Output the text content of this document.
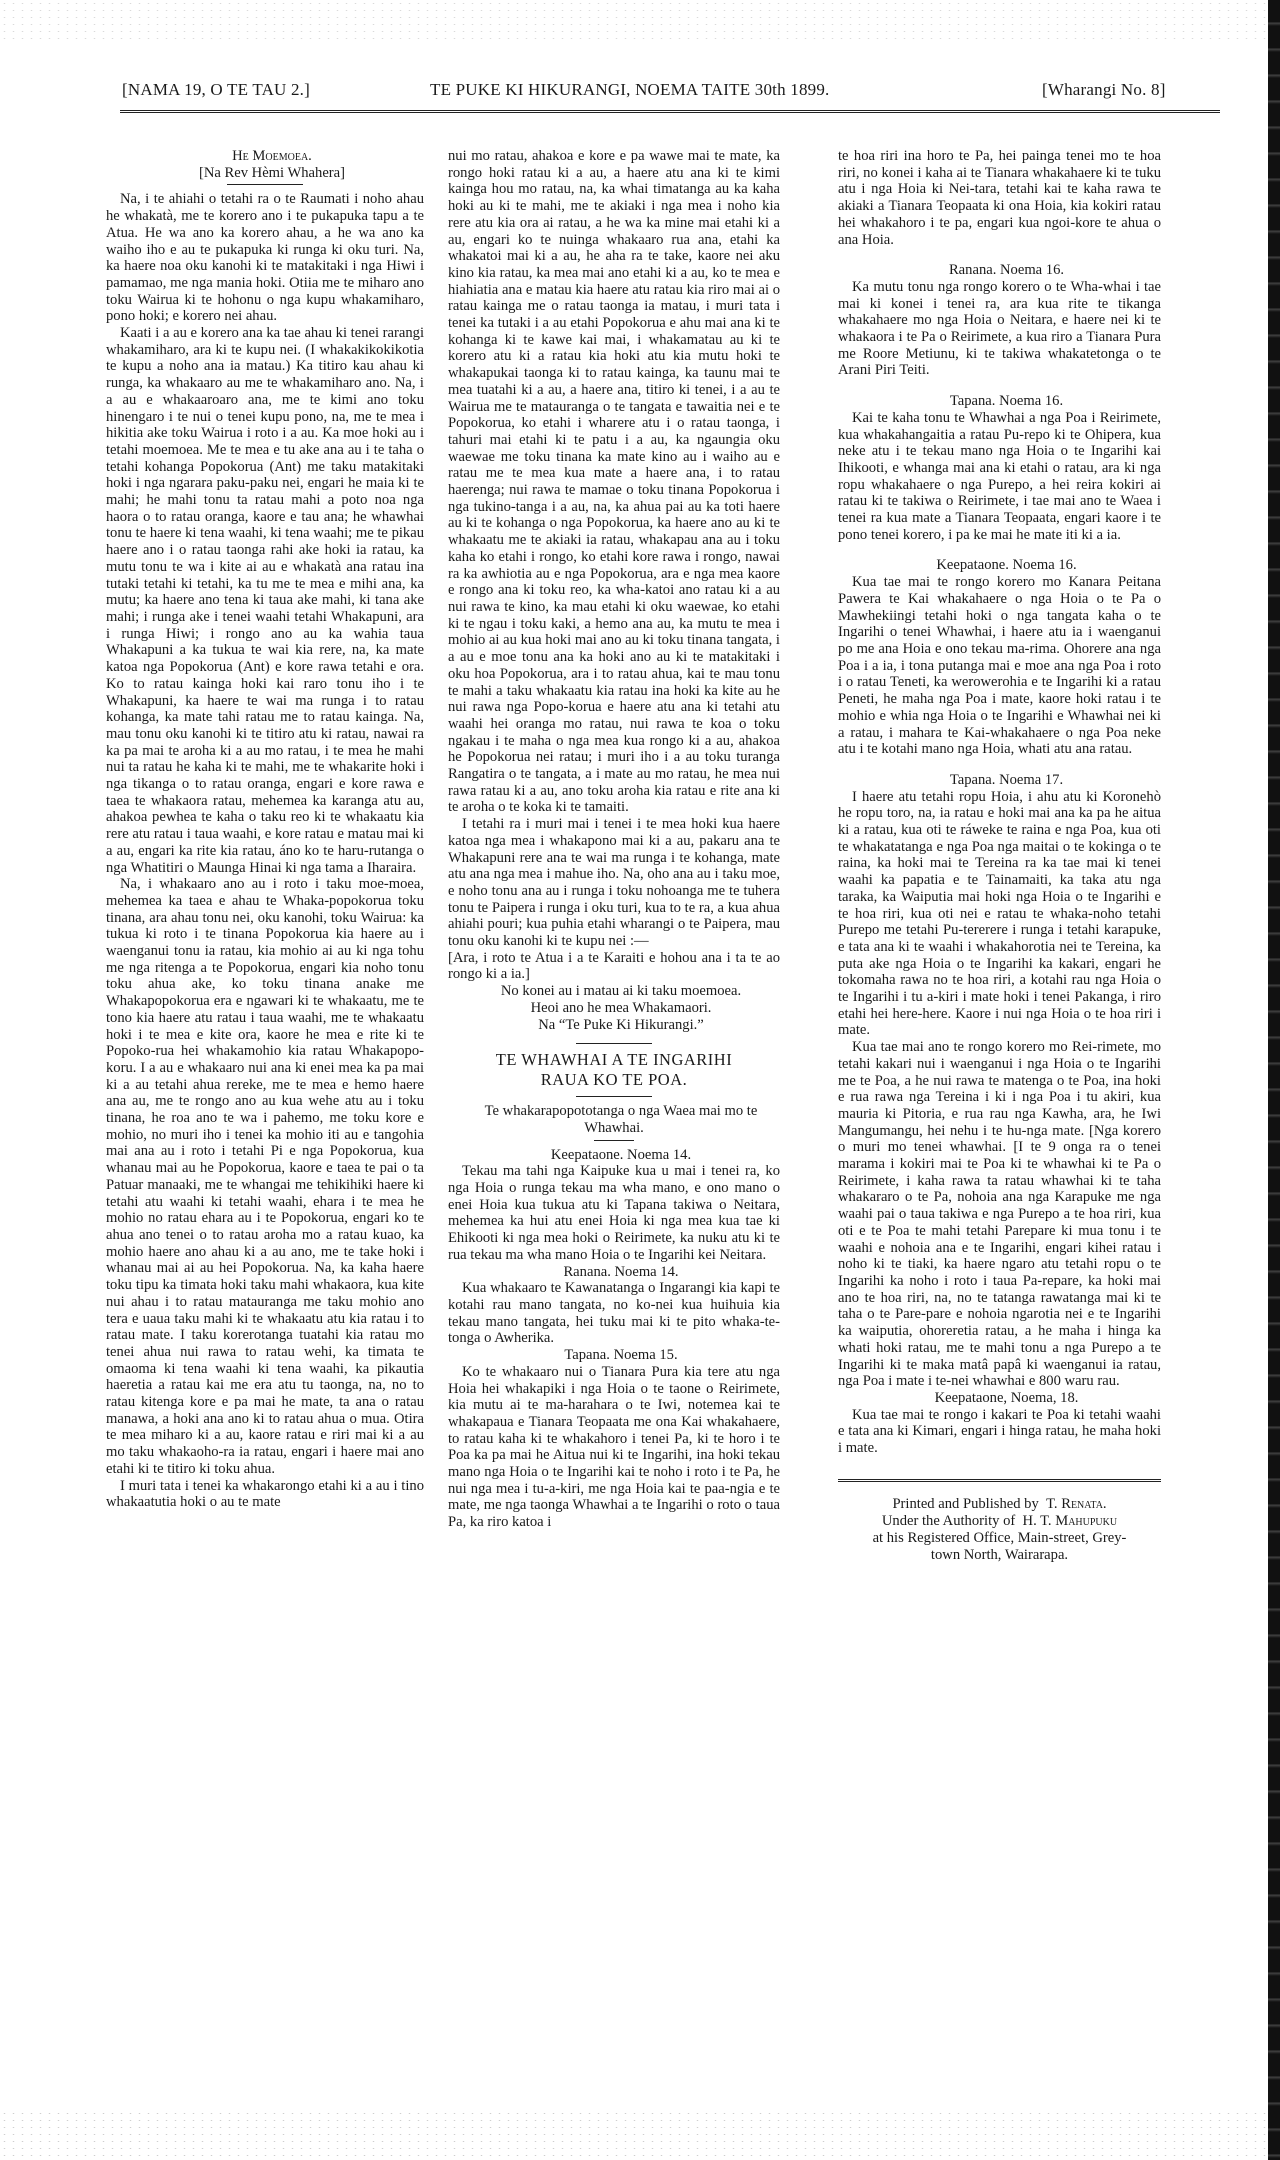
[NAMA 19, O TE TAU 2.]	TE PUKE KI HIKURANGI, NOEMA TAITE 30th 1899.	[Wharangi No. 8]

He Moemoea.

[Na Rev Hèmi Whahera]

Na, i te ahiahi o tetahi ra o te Raumati i noho ahau he whakatà, me te korero ano i te pukapuka tapu a te Atua. He wa ano ka korero ahau, a he wa ano ka waiho iho e au te pukapuka ki runga ki oku turi. Na, ka haere noa oku kanohi ki te matakitaki i nga Hiwi i pamamao, me nga mania hoki. Otiia me te miharo ano toku Wairua ki te hohonu o nga kupu whakamiharo, pono hoki; e korero nei ahau.

Kaati i a au e korero ana ka tae ahau ki tenei rarangi whakamiharo, ara ki te kupu nei. (I whakakikokikotia te kupu a noho ana ia matau.) Ka titiro kau ahau ki runga, ka whakaaro au me te whakamiharo ano. Na, i a au e whakaaroaro ana, me te kimi ano toku hinengaro i te nui o tenei kupu pono, na, me te mea i hikitia ake toku Wairua i roto i a au. Ka moe hoki au i tetahi moemoea. Me te mea e tu ake ana au i te taha o tetahi kohanga Popokorua (Ant) me taku matakitaki hoki i nga ngarara paku-paku nei, engari he maia ki te mahi; he mahi tonu ta ratau mahi a poto noa nga haora o to ratau oranga, kaore e tau ana; he whawhai tonu te haere ki tena waahi, ki tena waahi; me te pikau haere ano i o ratau taonga rahi ake hoki ia ratau, ka mutu tonu te wa i kite ai au e whakatà ana ratau ina tutaki tetahi ki tetahi, ka tu me te mea e mihi ana, ka mutu; ka haere ano tena ki taua ake mahi, ki tana ake mahi; i runga ake i tenei waahi tetahi Whakapuni, ara i runga Hiwi; i rongo ano au ka wahia taua Whakapuni a ka tukua te wai kia rere, na, ka mate katoa nga Popokorua (Ant) e kore rawa tetahi e ora. Ko to ratau kainga hoki kai raro tonu iho i te Whakapuni, ka haere te wai ma runga i to ratau kohanga, ka mate tahi ratau me to ratau kainga. Na, mau tonu oku kanohi ki te titiro atu ki ratau, nawai ra ka pa mai te aroha ki a au mo ratau, i te mea he mahi nui ta ratau he kaha ki te mahi, me te whakarite hoki i nga tikanga o to ratau oranga, engari e kore rawa e taea te whakaora ratau, mehemea ka karanga atu au, ahakoa pewhea te kaha o taku reo ki te whakaatu kia rere atu ratau i taua waahi, e kore ratau e matau mai ki a au, engari ka rite kia ratau, áno ko te haru-rutanga o nga Whatitiri o Maunga Hinai ki nga tama a Iharaira.

Na, i whakaaro ano au i roto i taku moe-moea, mehemea ka taea e ahau te Whaka-popokorua toku tinana, ara ahau tonu nei, oku kanohi, toku Wairua: ka tukua ki roto i te tinana Popokorua kia haere au i waenganui tonu ia ratau, kia mohio ai au ki nga tohu me nga ritenga a te Popokorua, engari kia noho tonu toku ahua ake, ko toku tinana anake me Whakapopokorua era e ngawari ki te whakaatu, me te tono kia haere atu ratau i taua waahi, me te whakaatu hoki i te mea e kite ora, kaore he mea e rite ki te Popoko-rua hei whakamohio kia ratau Whakapopo-koru. I a au e whakaaro nui ana ki enei mea ka pa mai ki a au tetahi ahua rereke, me te mea e hemo haere ana au, me te rongo ano au kua wehe atu au i toku tinana, he roa ano te wa i pahemo, me toku kore e mohio, no muri iho i tenei ka mohio iti au e tangohia mai ana au i roto i tetahi Pi e nga Popokorua, kua whanau mai au he Popokorua, kaore e taea te pai o ta Patuar manaaki, me te whangai me tehikihiki haere ki tetahi atu waahi ki tetahi waahi, ehara i te mea he mohio no ratau ehara au i te Popokorua, engari ko te ahua ano tenei o to ratau aroha mo a ratau kuao, ka mohio haere ano ahau ki a au ano, me te take hoki i whanau mai ai au hei Popokorua. Na, ka kaha haere toku tipu ka timata hoki taku mahi whakaora, kua kite nui ahau i to ratau matauranga me taku mohio ano tera e uaua taku mahi ki te whakaatu atu kia ratau i to ratau mate. I taku korerotanga tuatahi kia ratau mo tenei ahua nui rawa to ratau wehi, ka timata te omaoma ki tena waahi ki tena waahi, ka pikautia haeretia a ratau kai me era atu tu taonga, na, no to ratau kitenga kore e pa mai he mate, ta ana o ratau manawa, a hoki ana ano ki to ratau ahua o mua. Otira te mea miharo ki a au, kaore ratau e riri mai ki a au mo taku whakaoho-ra ia ratau, engari i haere mai ano etahi ki te titiro ki toku ahua.

I muri tata i tenei ka whakarongo etahi ki a au i tino whakaatutia hoki o au te mate

nui mo ratau, ahakoa e kore e pa wawe mai te mate, ka rongo hoki ratau ki a au, a haere atu ana ki te kimi kainga hou mo ratau, na, ka whai timatanga au ka kaha hoki au ki te mahi, me te akiaki i nga mea i noho kia rere atu kia ora ai ratau, a he wa ka mine mai etahi ki a au, engari ko te nuinga whakaaro rua ana, etahi ka whakatoi mai ki a au, he aha ra te take, kaore nei aku kino kia ratau, ka mea mai ano etahi ki a au, ko te mea e hiahiatia ana e matau kia haere atu ratau kia riro mai ai o ratau kainga me o ratau taonga ia matau, i muri tata i tenei ka tutaki i a au etahi Popokorua e ahu mai ana ki te kohanga ki te kawe kai mai, i whakamatau au ki te korero atu ki a ratau kia hoki atu kia mutu hoki te whakapukai taonga ki to ratau kainga, ka taunu mai te mea tuatahi ki a au, a haere ana, titiro ki tenei, i a au te Wairua me te matauranga o te tangata e tawaitia nei e te Popokorua, ko etahi i wharere atu i o ratau taonga, i tahuri mai etahi ki te patu i a au, ka ngaungia oku waewae me toku tinana ka mate kino au i waiho au e ratau me te mea kua mate a haere ana, i to ratau haerenga; nui rawa te mamae o toku tinana Popokorua i nga tukino-tanga i a au, na, ka ahua pai au ka toti haere au ki te kohanga o nga Popokorua, ka haere ano au ki te whakaatu me te akiaki ia ratau, whakapau ana au i toku kaha ko etahi i rongo, ko etahi kore rawa i rongo, nawai ra ka awhiotia au e nga Popokorua, ara e nga mea kaore e rongo ana ki toku reo, ka wha-katoi ano ratau ki a au nui rawa te kino, ka mau etahi ki oku waewae, ko etahi ki te ngau i toku kaki, a hemo ana au, ka mutu te mea i mohio ai au kua hoki mai ano au ki toku tinana tangata, i a au e moe tonu ana ka hoki ano au ki te matakitaki i oku hoa Popokorua, ara i to ratau ahua, kai te mau tonu te mahi a taku whakaatu kia ratau ina hoki ka kite au he nui rawa nga Popo-korua e haere atu ana ki tetahi atu waahi hei oranga mo ratau, nui rawa te koa o toku ngakau i te maha o nga mea kua rongo ki a au, ahakoa he Popokorua nei ratau; i muri iho i a au toku turanga Rangatira o te tangata, a i mate au mo ratau, he mea nui rawa ratau ki a au, ano toku aroha kia ratau e rite ana ki te aroha o te koka ki te tamaiti.

I tetahi ra i muri mai i tenei i te mea hoki kua haere katoa nga mea i whakapono mai ki a au, pakaru ana te Whakapuni rere ana te wai ma runga i te kohanga, mate atu ana nga mea i mahue iho. Na, oho ana au i taku moe, e noho tonu ana au i runga i toku nohoanga me te tuhera tonu te Paipera i runga i oku turi, kua to te ra, a kua ahua ahiahi pouri; kua puhia etahi wharangi o te Paipera, mau tonu oku kanohi ki te kupu nei :—

[Ara, i roto te Atua i a te Karaiti e hohou ana i ta te ao rongo ki a ia.]

No konei au i matau ai ki taku moemoea.

Heoi ano he mea Whakamaori.

Na “Te Puke Ki Hikurangi.”

TE WHAWHAI A TE INGARIHI
RAUA KO TE POA.

Te whakarapopototanga o nga Waea mai mo te Whawhai.

Keepataone. Noema 14.

Tekau ma tahi nga Kaipuke kua u mai i tenei ra, ko nga Hoia o runga tekau ma wha mano, e ono mano o enei Hoia kua tukua atu ki Tapana takiwa o Neitara, mehemea ka hui atu enei Hoia ki nga mea kua tae ki Ehikooti ki nga mea hoki o Reirimete, ka nuku atu ki te rua tekau ma wha mano Hoia o te Ingarihi kei Neitara.

Ranana. Noema 14.

Kua whakaaro te Kawanatanga o Ingarangi kia kapi te kotahi rau mano tangata, no ko-nei kua huihuia kia tekau mano tangata, hei tuku mai ki te pito whaka-te-tonga o Awherika.

Tapana. Noema 15.

Ko te whakaaro nui o Tianara Pura kia tere atu nga Hoia hei whakapiki i nga Hoia o te taone o Reirimete, kia mutu ai te ma-harahara o te Iwi, notemea kai te whakapaua e Tianara Teopaata me ona Kai whakahaere, to ratau kaha ki te whakahoro i tenei Pa, ki te horo i te Poa ka pa mai he Aitua nui ki te Ingarihi, ina hoki tekau mano nga Hoia o te Ingarihi kai te noho i roto i te Pa, he nui nga mea i tu-a-kiri, me nga Hoia kai te paa-ngia e te mate, me nga taonga Whawhai a te Ingarihi o roto o taua Pa, ka riro katoa i

te hoa riri ina horo te Pa, hei painga tenei mo te hoa riri, no konei i kaha ai te Tianara whakahaere ki te tuku atu i nga Hoia ki Nei-tara, tetahi kai te kaha rawa te akiaki a Tianara Teopaata ki ona Hoia, kia kokiri ratau hei whakahoro i te pa, engari kua ngoi-kore te ahua o ana Hoia.

Ranana. Noema 16.

Ka mutu tonu nga rongo korero o te Wha-whai i tae mai ki konei i tenei ra, ara kua rite te tikanga whakahaere mo nga Hoia o Neitara, e haere nei ki te whakaora i te Pa o Reirimete, a kua riro a Tianara Pura me Roore Metiunu, ki te takiwa whakatetonga o te Arani Piri Teiti.

Tapana. Noema 16.

Kai te kaha tonu te Whawhai a nga Poa i Reirimete, kua whakahangaitia a ratau Pu-repo ki te Ohipera, kua neke atu i te tekau mano nga Hoia o te Ingarihi kai Ihikooti, e whanga mai ana ki etahi o ratau, ara ki nga ropu whakahaere o nga Purepo, a hei reira kokiri ai ratau ki te takiwa o Reirimete, i tae mai ano te Waea i tenei ra kua mate a Tianara Teopaata, engari kaore i te pono tenei korero, i pa ke mai he mate iti ki a ia.

Keepataone. Noema 16.

Kua tae mai te rongo korero mo Kanara Peitana Pawera te Kai whakahaere o nga Hoia o te Pa o Mawhekiingi tetahi hoki o nga tangata kaha o te Ingarihi o tenei Whawhai, i haere atu ia i waenganui po me ana Hoia e ono tekau ma-rima. Ohorere ana nga Poa i a ia, i tona putanga mai e moe ana nga Poa i roto i o ratau Teneti, ka werowerohia e te Ingarihi ki a ratau Peneti, he maha nga Poa i mate, kaore hoki ratau i te mohio e whia nga Hoia o te Ingarihi e Whawhai nei ki a ratau, i mahara te Kai-whakahaere o nga Poa neke atu i te kotahi mano nga Hoia, whati atu ana ratau.

Tapana. Noema 17.

I haere atu tetahi ropu Hoia, i ahu atu ki Koronehò he ropu toro, na, ia ratau e hoki mai ana ka pa he aitua ki a ratau, kua oti te ráweke te raina e nga Poa, kua oti te whakatatanga e nga Poa nga maitai o te kokinga o te raina, ka hoki mai te Tereina ra ka tae mai ki tenei waahi ka papatia e te Tainamaiti, ka taka atu nga taraka, ka Waiputia mai hoki nga Hoia o te Ingarihi e te hoa riri, kua oti nei e ratau te whaka-noho tetahi Purepo me tetahi Pu-tererere i runga i tetahi karapuke, e tata ana ki te waahi i whakahorotia nei te Tereina, ka puta ake nga Hoia o te Ingarihi ka kakari, engari he tokomaha rawa no te hoa riri, a kotahi rau nga Hoia o te Ingarihi i tu a-kiri i mate hoki i tenei Pakanga, i riro etahi hei here-here. Kaore i nui nga Hoia o te hoa riri i mate.

Kua tae mai ano te rongo korero mo Rei-rimete, mo tetahi kakari nui i waenganui i nga Hoia o te Ingarihi me te Poa, a he nui rawa te matenga o te Poa, ina hoki e rua rawa nga Tereina i ki i nga Poa i tu akiri, kua mauria ki Pitoria, e rua rau nga Kawha, ara, he Iwi Mangumangu, hei nehu i te hu-nga mate. [Nga korero o muri mo tenei whawhai. [I te 9 onga ra o tenei marama i kokiri mai te Poa ki te whawhai ki te Pa o Reirimete, i kaha rawa ta ratau whawhai ki te taha whakararo o te Pa, nohoia ana nga Karapuke me nga waahi pai o taua takiwa e nga Purepo a te hoa riri, kua oti e te Poa te mahi tetahi Parepare ki mua tonu i te waahi e nohoia ana e te Ingarihi, engari kihei ratau i noho ki te tiaki, ka haere ngaro atu tetahi ropu o te Ingarihi ka noho i roto i taua Pa-repare, ka hoki mai ano te hoa riri, na, no te tatanga rawatanga mai ki te taha o te Pare-pare e nohoia ngarotia nei e te Ingarihi ka waiputia, ohoreretia ratau, a he maha i hinga ka whati hoki ratau, me te mahi tonu a nga Purepo a te Ingarihi ki te maka matâ papâ ki waenganui ia ratau, nga Poa i mate i te-nei whawhai e 800 waru rau.

Keepataone, Noema, 18.

Kua tae mai te rongo i kakari te Poa ki tetahi waahi e tata ana ki Kimari, engari i hinga ratau, he maha hoki i mate.

Printed and Published by T. Renata.
Under the Authority of H. T. Mahupuku
at his Registered Office, Main-street, Grey-
town North, Wairarapa.
